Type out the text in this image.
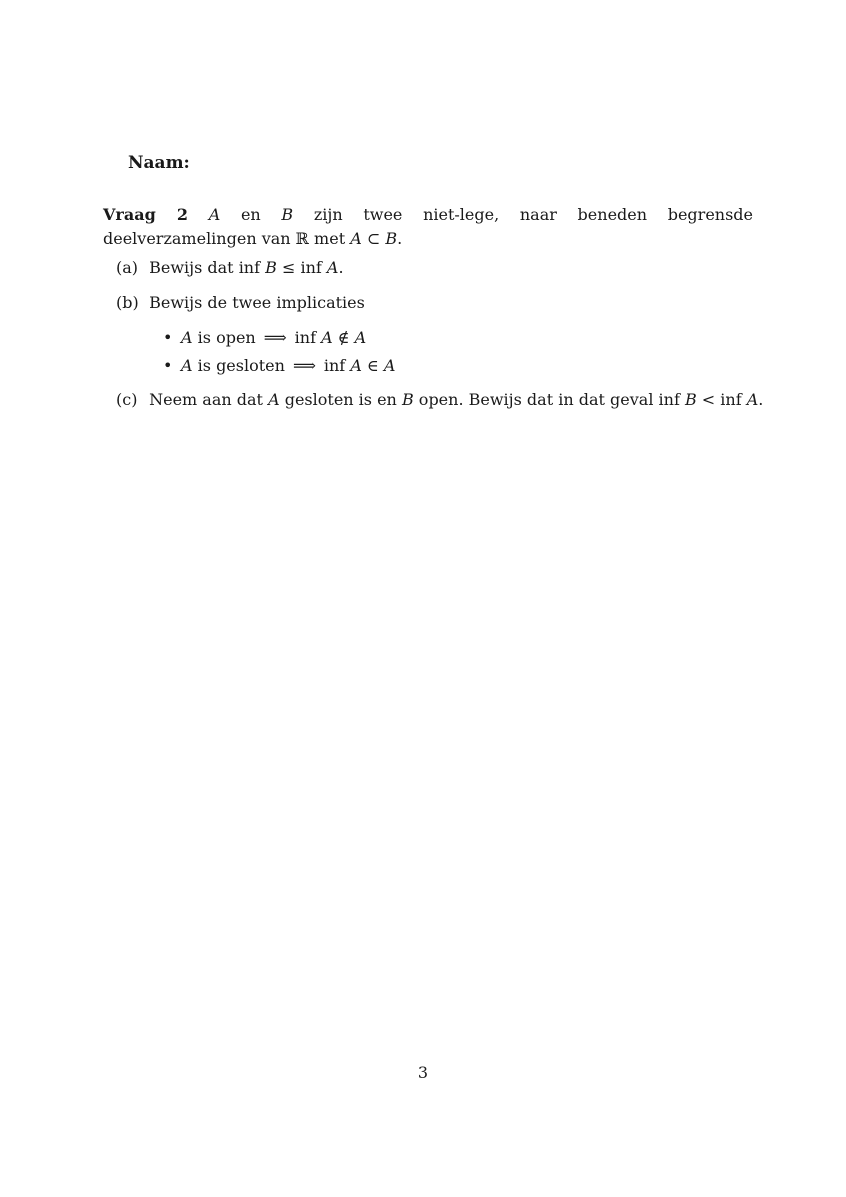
Naam:
Vraag 2 A en B zijn twee niet-lege, naar beneden begrensde deelverzamelingen van ℝ met A ⊂ B.
(a) Bewijs dat inf B ≤ inf A.
(b) Bewijs de twee implicaties
• A is open ⟹ inf A ∉ A
• A is gesloten ⟹ inf A ∈ A
(c) Neem aan dat A gesloten is en B open. Bewijs dat in dat geval inf B < inf A.
3
